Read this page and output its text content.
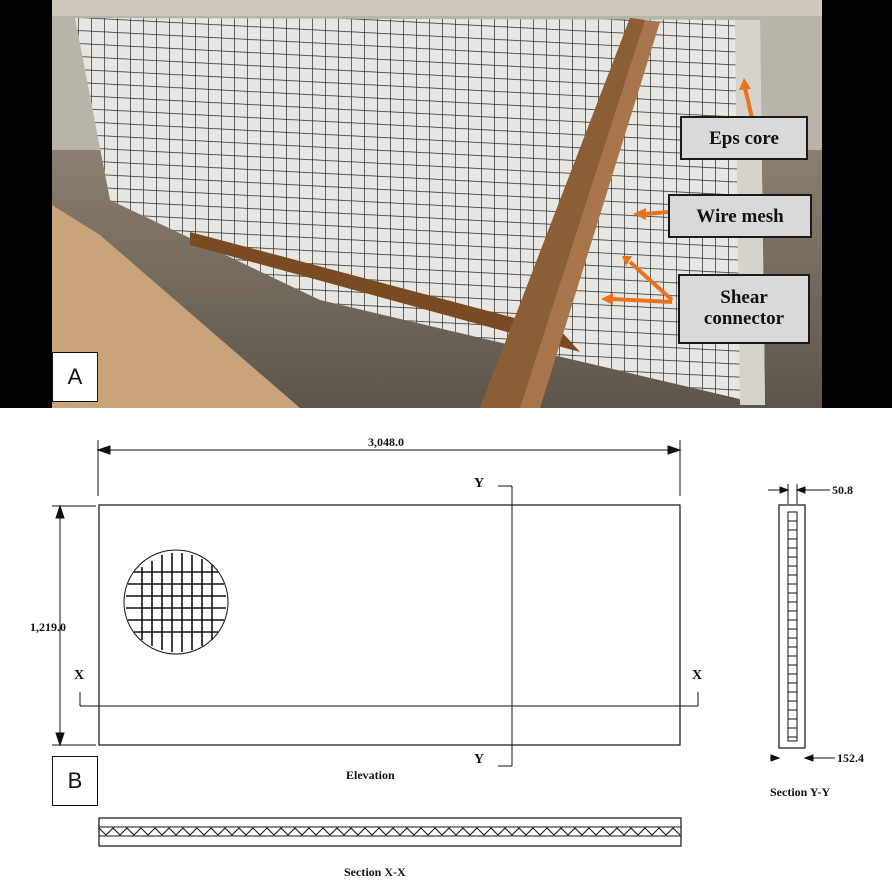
Eps core
Wire mesh
Shear connector
A
3,048.0
1,219.0
50.8
152.4
Y
Y
X	X
Elevation
Section Y-Y
Section X-X
B
